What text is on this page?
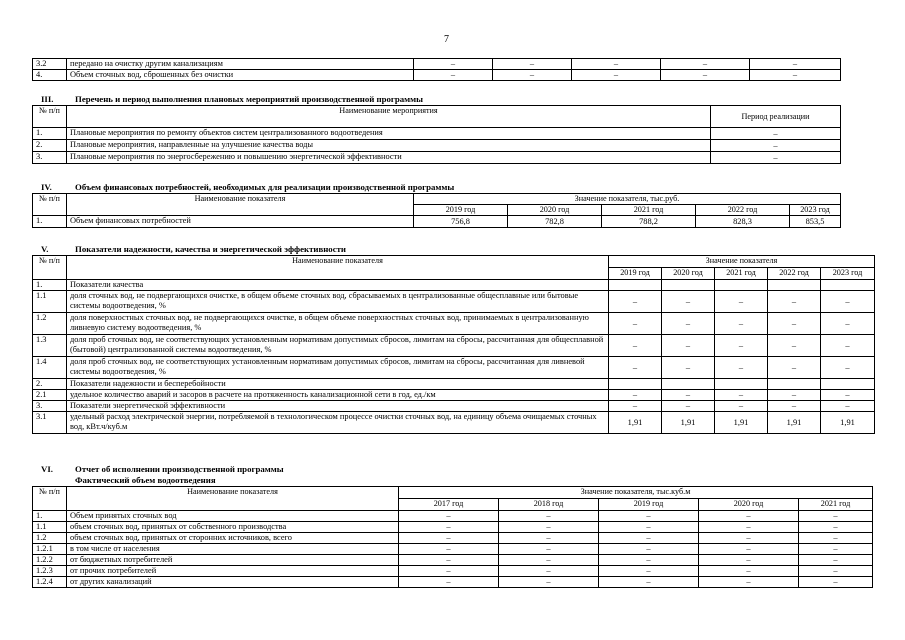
7
3.2	передано на очистку другим канализациям	–	–	–	–	–
4.	Объем сточных вод, сброшенных без очистки	–	–	–	–	–
III. Перечень и период выполнения плановых мероприятий производственной программы
№ п/п	Наименование мероприятия	Период реализации
1.	Плановые мероприятия по ремонту объектов систем централизованного водоотведения	–
2.	Плановые мероприятия, направленные на улучшение качества воды	–
3.	Плановые мероприятия по энергосбережению и повышению энергетической эффективности	–
IV.	Объем финансовых потребностей, необходимых для реализации производственной программы
№ п/п	Наименование показателя	Значение показателя, тыс.руб.				
		2019 год	2020 год	2021 год	2022 год	2023 год
1.	Объем финансовых потребностей	756,8	782,8	788,2	828,3	853,5
V.	Показатели надежности, качества и энергетической эффективности
№ п/п	Наименование показателя	Значение показателя				
		2019 год	2020 год	2021 год	2022 год	2023 год
1.	Показатели качества					
1.1	доля сточных вод, не подвергающихся очистке, в общем объеме сточных вод, сбрасываемых в централизованные общесплавные или бытовые системы водоотведения, %	–	–	–	–	–
1.2	доля поверхностных сточных вод, не подвергающихся очистке, в общем объеме поверхностных сточных вод, принимаемых в централизованную ливневую систему водоотведения, %	–	–	–	–	–
1.3	доля проб сточных вод, не соответствующих установленным нормативам допустимых сбросов, лимитам на сбросы, рассчитанная для общесплавной (бытовой) централизованной системы водоотведения, %	–	–	–	–	–
1.4	доля проб сточных вод, не соответствующих установленным нормативам допустимых сбросов, лимитам на сбросы, рассчитанная для ливневой системы водоотведения, %	–	–	–	–	–
2.	Показатели надежности и бесперебойности					
2.1	удельное количество аварий и засоров в расчете на протяженность канализационной сети в год, ед./км	–	–	–	–	–
3.	Показатели энергетической эффективности	–	–	–	–	–
3.1	удельный расход электрической энергии, потребляемой в технологическом процессе очистки сточных вод, на единицу объема очищаемых сточных вод, кВт.ч/куб.м	1,91	1,91	1,91	1,91	1,91
VI.	Отчет об исполнении производственной программы
Фактический объем водоотведения
№ п/п	Наименование показателя	Значение показателя, тыс.куб.м				
		2017 год	2018 год	2019 год	2020 год	2021 год
1.	Объем принятых сточных вод	–	–	–	–	–
1.1	объем сточных вод, принятых от собственного производства	–	–	–	–	–
1.2	объем сточных вод, принятых от сторонних источников, всего	–	–	–	–	–
1.2.1	в том числе от населения	–	–	–	–	–
1.2.2	от бюджетных потребителей	–	–	–	–	–
1.2.3	от прочих потребителей	–	–	–	–	–
1.2.4	от других канализаций	–	–	–	–	–
